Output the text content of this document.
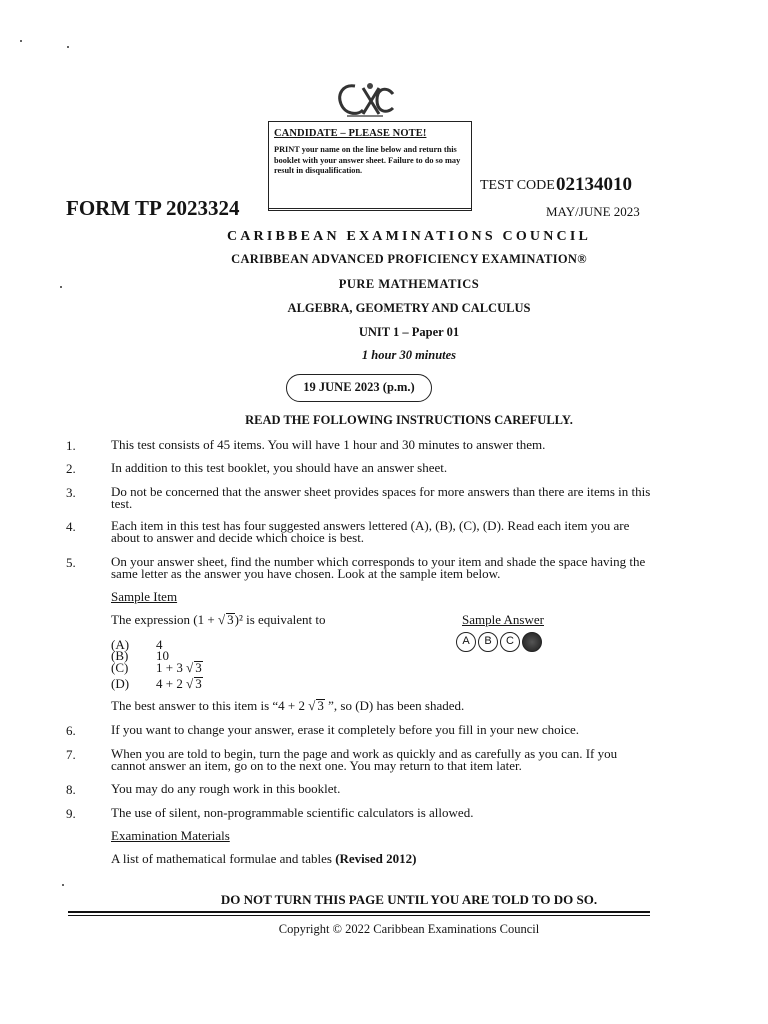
CANDIDATE – PLEASE NOTE!
PRINT your name on the line below and return this booklet with your answer sheet. Failure to do so may result in disqualification.
FORM TP 2023324
TEST CODE 02134010
MAY/JUNE 2023
CARIBBEAN EXAMINATIONS COUNCIL
CARIBBEAN ADVANCED PROFICIENCY EXAMINATION®
PURE MATHEMATICS
ALGEBRA, GEOMETRY AND CALCULUS
UNIT 1 – Paper 01
1 hour 30 minutes
19 JUNE 2023 (p.m.)
READ THE FOLLOWING INSTRUCTIONS CAREFULLY.
1.	This test consists of 45 items. You will have 1 hour and 30 minutes to answer them.
2.	In addition to this test booklet, you should have an answer sheet.
3.	Do not be concerned that the answer sheet provides spaces for more answers than there are items in this test.
4.	Each item in this test has four suggested answers lettered (A), (B), (C), (D). Read each item you are about to answer and decide which choice is best.
5.	On your answer sheet, find the number which corresponds to your item and shade the space having the same letter as the answer you have chosen. Look at the sample item below.
Sample Item
The expression (1 + √ 3)² is equivalent to	Sample Answer
A	B	C
(A) 4
(B) 10
(C) 1 + 3 √ 3
(D) 4 + 2 √ 3
The best answer to this item is “4 + 2 √ 3 ”, so (D) has been shaded.
6.	If you want to change your answer, erase it completely before you fill in your new choice.
7.	When you are told to begin, turn the page and work as quickly and as carefully as you can. If you cannot answer an item, go on to the next one. You may return to that item later.
8.	You may do any rough work in this booklet.
9.	The use of silent, non-programmable scientific calculators is allowed.
Examination Materials
A list of mathematical formulae and tables (Revised 2012)
DO NOT TURN THIS PAGE UNTIL YOU ARE TOLD TO DO SO.
Copyright © 2022 Caribbean Examinations Council
